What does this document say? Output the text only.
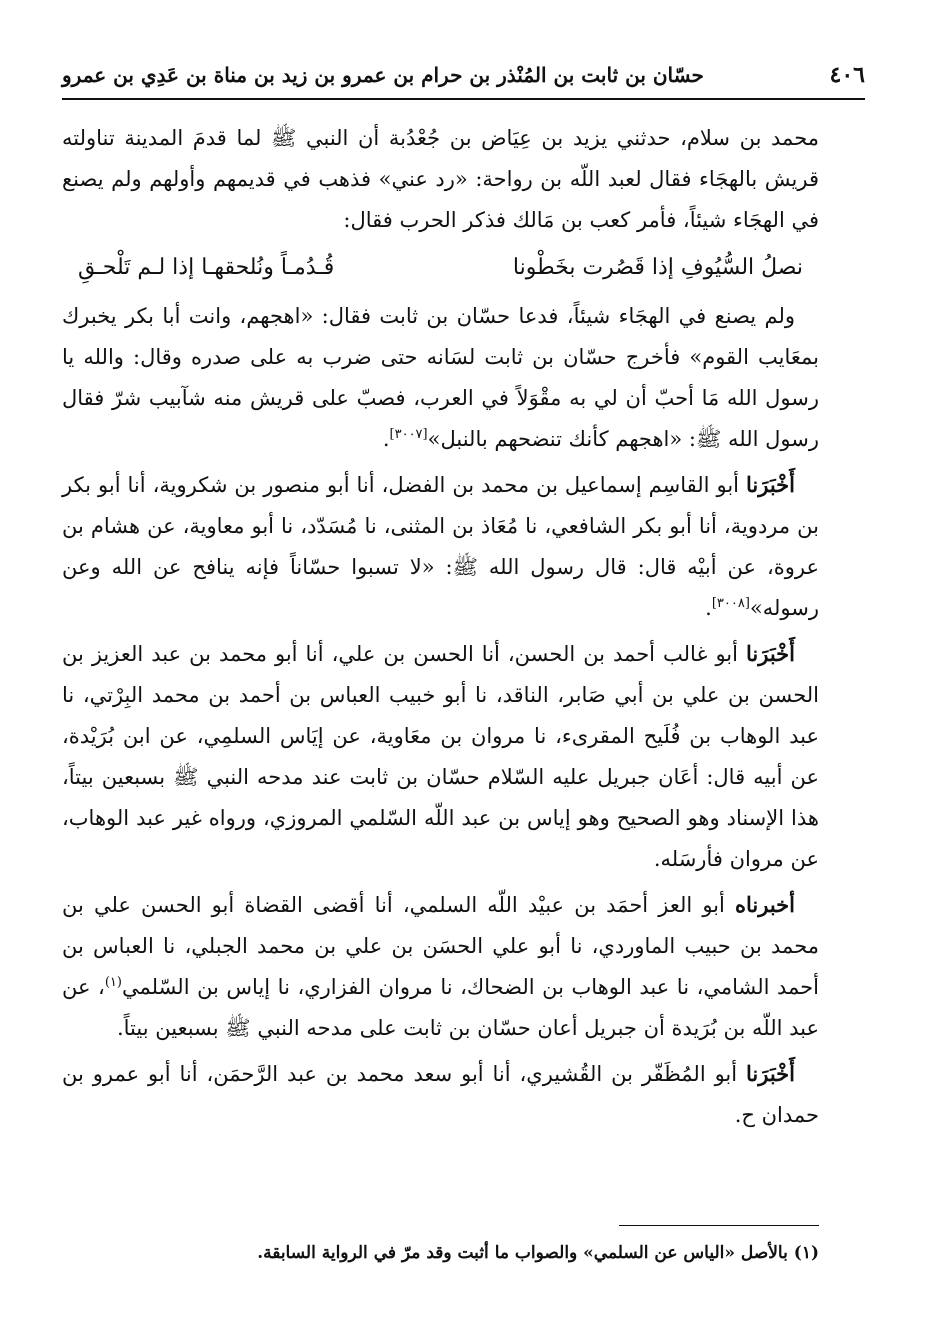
٤٠٦
حسّان بن ثابت بن المُنْذر بن حرام بن عمرو بن زيد بن مناة بن عَدِي بن عمرو

محمد بن سلام، حدثني يزيد بن عِيَاض بن جُعْدُبة أن النبي ﷺ لما قدمَ المدينة تناولته قريش بالهجَاء فقال لعبد اللّه بن رواحة: «رد عني» فذهب في قديمهم وأولهم ولم يصنع في الهجَاء شيئاً، فأمر كعب بن مَالك فذكر الحرب فقال:

نصلُ السُّيُوفِ إذا قَصُرت بخَطْونا
قُـدُمـاً ونُلحقهـا إذا لـم تَلْحـقِ

ولم يصنع في الهجَاء شيئاً، فدعا حسّان بن ثابت فقال: «اهجهم، وانت أبا بكر يخبرك بمعَايب القوم» فأخرج حسّان بن ثابت لسَانه حتى ضرب به على صدره وقال: والله يا رسول الله مَا أحبّ أن لي به مقْوَلاً في العرب، فصبّ على قريش منه شآبيب شرّ فقال رسول الله ﷺ: «اهجهم كأنك تنضحهم بالنبل»[٣٠٠٧].

أَخْبَرَنا أبو القاسِم إسماعيل بن محمد بن الفضل، أنا أبو منصور بن شكروية، أنا أبو بكر بن مردوية، أنا أبو بكر الشافعي، نا مُعَاذ بن المثنى، نا مُسَدّد، نا أبو معاوية، عن هشام بن عروة، عن أبيْه قال: قال رسول الله ﷺ: «لا تسبوا حسّاناً فإنه ينافح عن الله وعن رسوله»[٣٠٠٨].

أَخْبَرَنا أبو غالب أحمد بن الحسن، أنا الحسن بن علي، أنا أبو محمد بن عبد العزيز بن الحسن بن علي بن أبي صَابر، الناقد، نا أبو خبيب العباس بن أحمد بن محمد البِرْتي، نا عبد الوهاب بن فُلَيح المقرىء، نا مروان بن معَاوية، عن إيَاس السلمِي، عن ابن بُرَيْدة، عن أبيه قال: أعَان جبريل عليه السّلام حسّان بن ثابت عند مدحه النبي ﷺ بسبعين بيتاً، هذا الإسناد وهو الصحيح وهو إياس بن عبد اللّه السّلمي المروزي، ورواه غير عبد الوهاب، عن مروان فأرسَله.

أخبرناه أبو العز أحمَد بن عبيْد اللّه السلمي، أنا أقضى القضاة أبو الحسن علي بن محمد بن حبيب الماوردي، نا أبو علي الحسَن بن علي بن محمد الجبلي، نا العباس بن أحمد الشامي، نا عبد الوهاب بن الضحاك، نا مروان الفزاري، نا إياس بن السّلمي$^{(١)}$، عن عبد اللّه بن بُرَيدة أن جبريل أعان حسّان بن ثابت على مدحه النبي ﷺ بسبعين بيتاً.

أَخْبَرَنا أبو المُظَفّر بن القُشيري، أنا أبو سعد محمد بن عبد الرَّحمَن، أنا أبو عمرو بن حمدان ح.

(١) بالأصل «الياس عن السلمي» والصواب ما أثبت وقد مرّ في الرواية السابقة.
